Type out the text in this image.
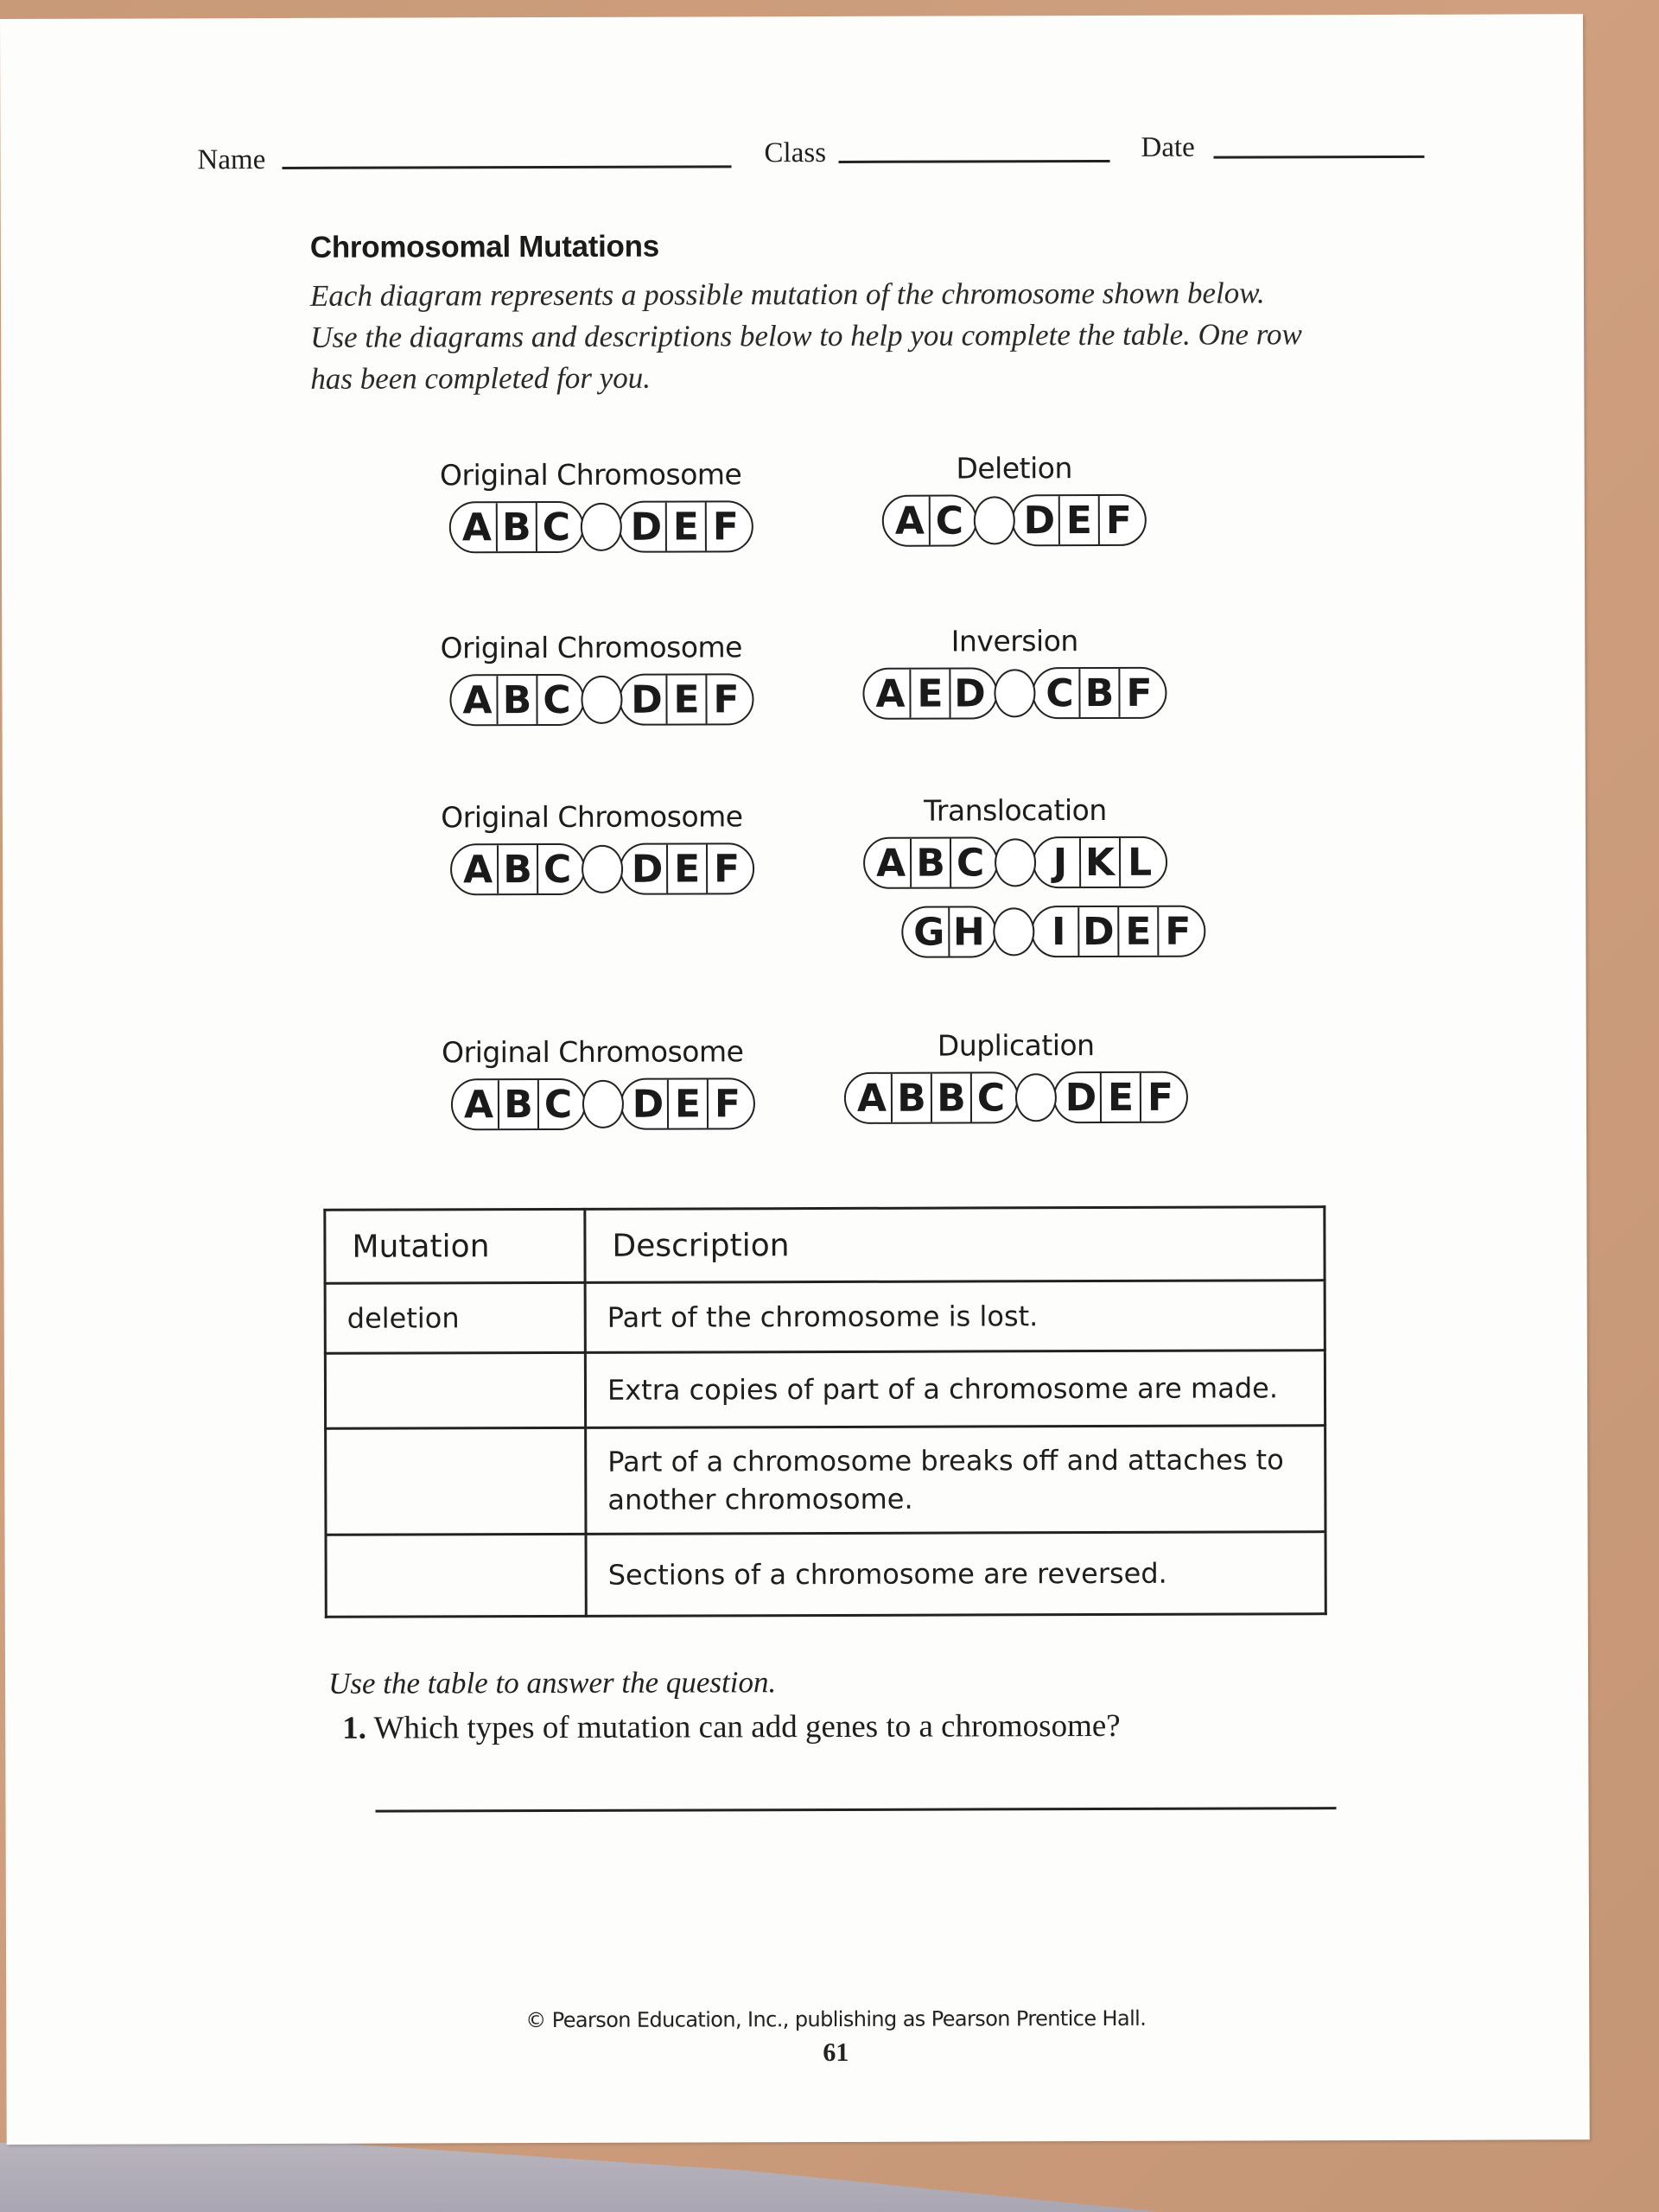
Name	Class	Date
Chromosomal Mutations
Each diagram represents a possible mutation of the chromosome shown below. Use the diagrams and descriptions below to help you complete the table. One row has been completed for you.
Original Chromosome
A B C	D E F
Deletion
A C	D E F
Original Chromosome
A B C	D E F
Inversion
A E D	C B F
Original Chromosome
A B C	D E F
Translocation
A B C	J K L
G H	I D E F
Original Chromosome
A B C	D E F
Duplication
A B B C	D E F
Mutation	Description
deletion	Part of the chromosome is lost.
	Extra copies of part of a chromosome are made.
	Part of a chromosome breaks off and attaches to another chromosome.
	Sections of a chromosome are reversed.
Use the table to answer the question.
1. Which types of mutation can add genes to a chromosome?
© Pearson Education, Inc., publishing as Pearson Prentice Hall.
61
